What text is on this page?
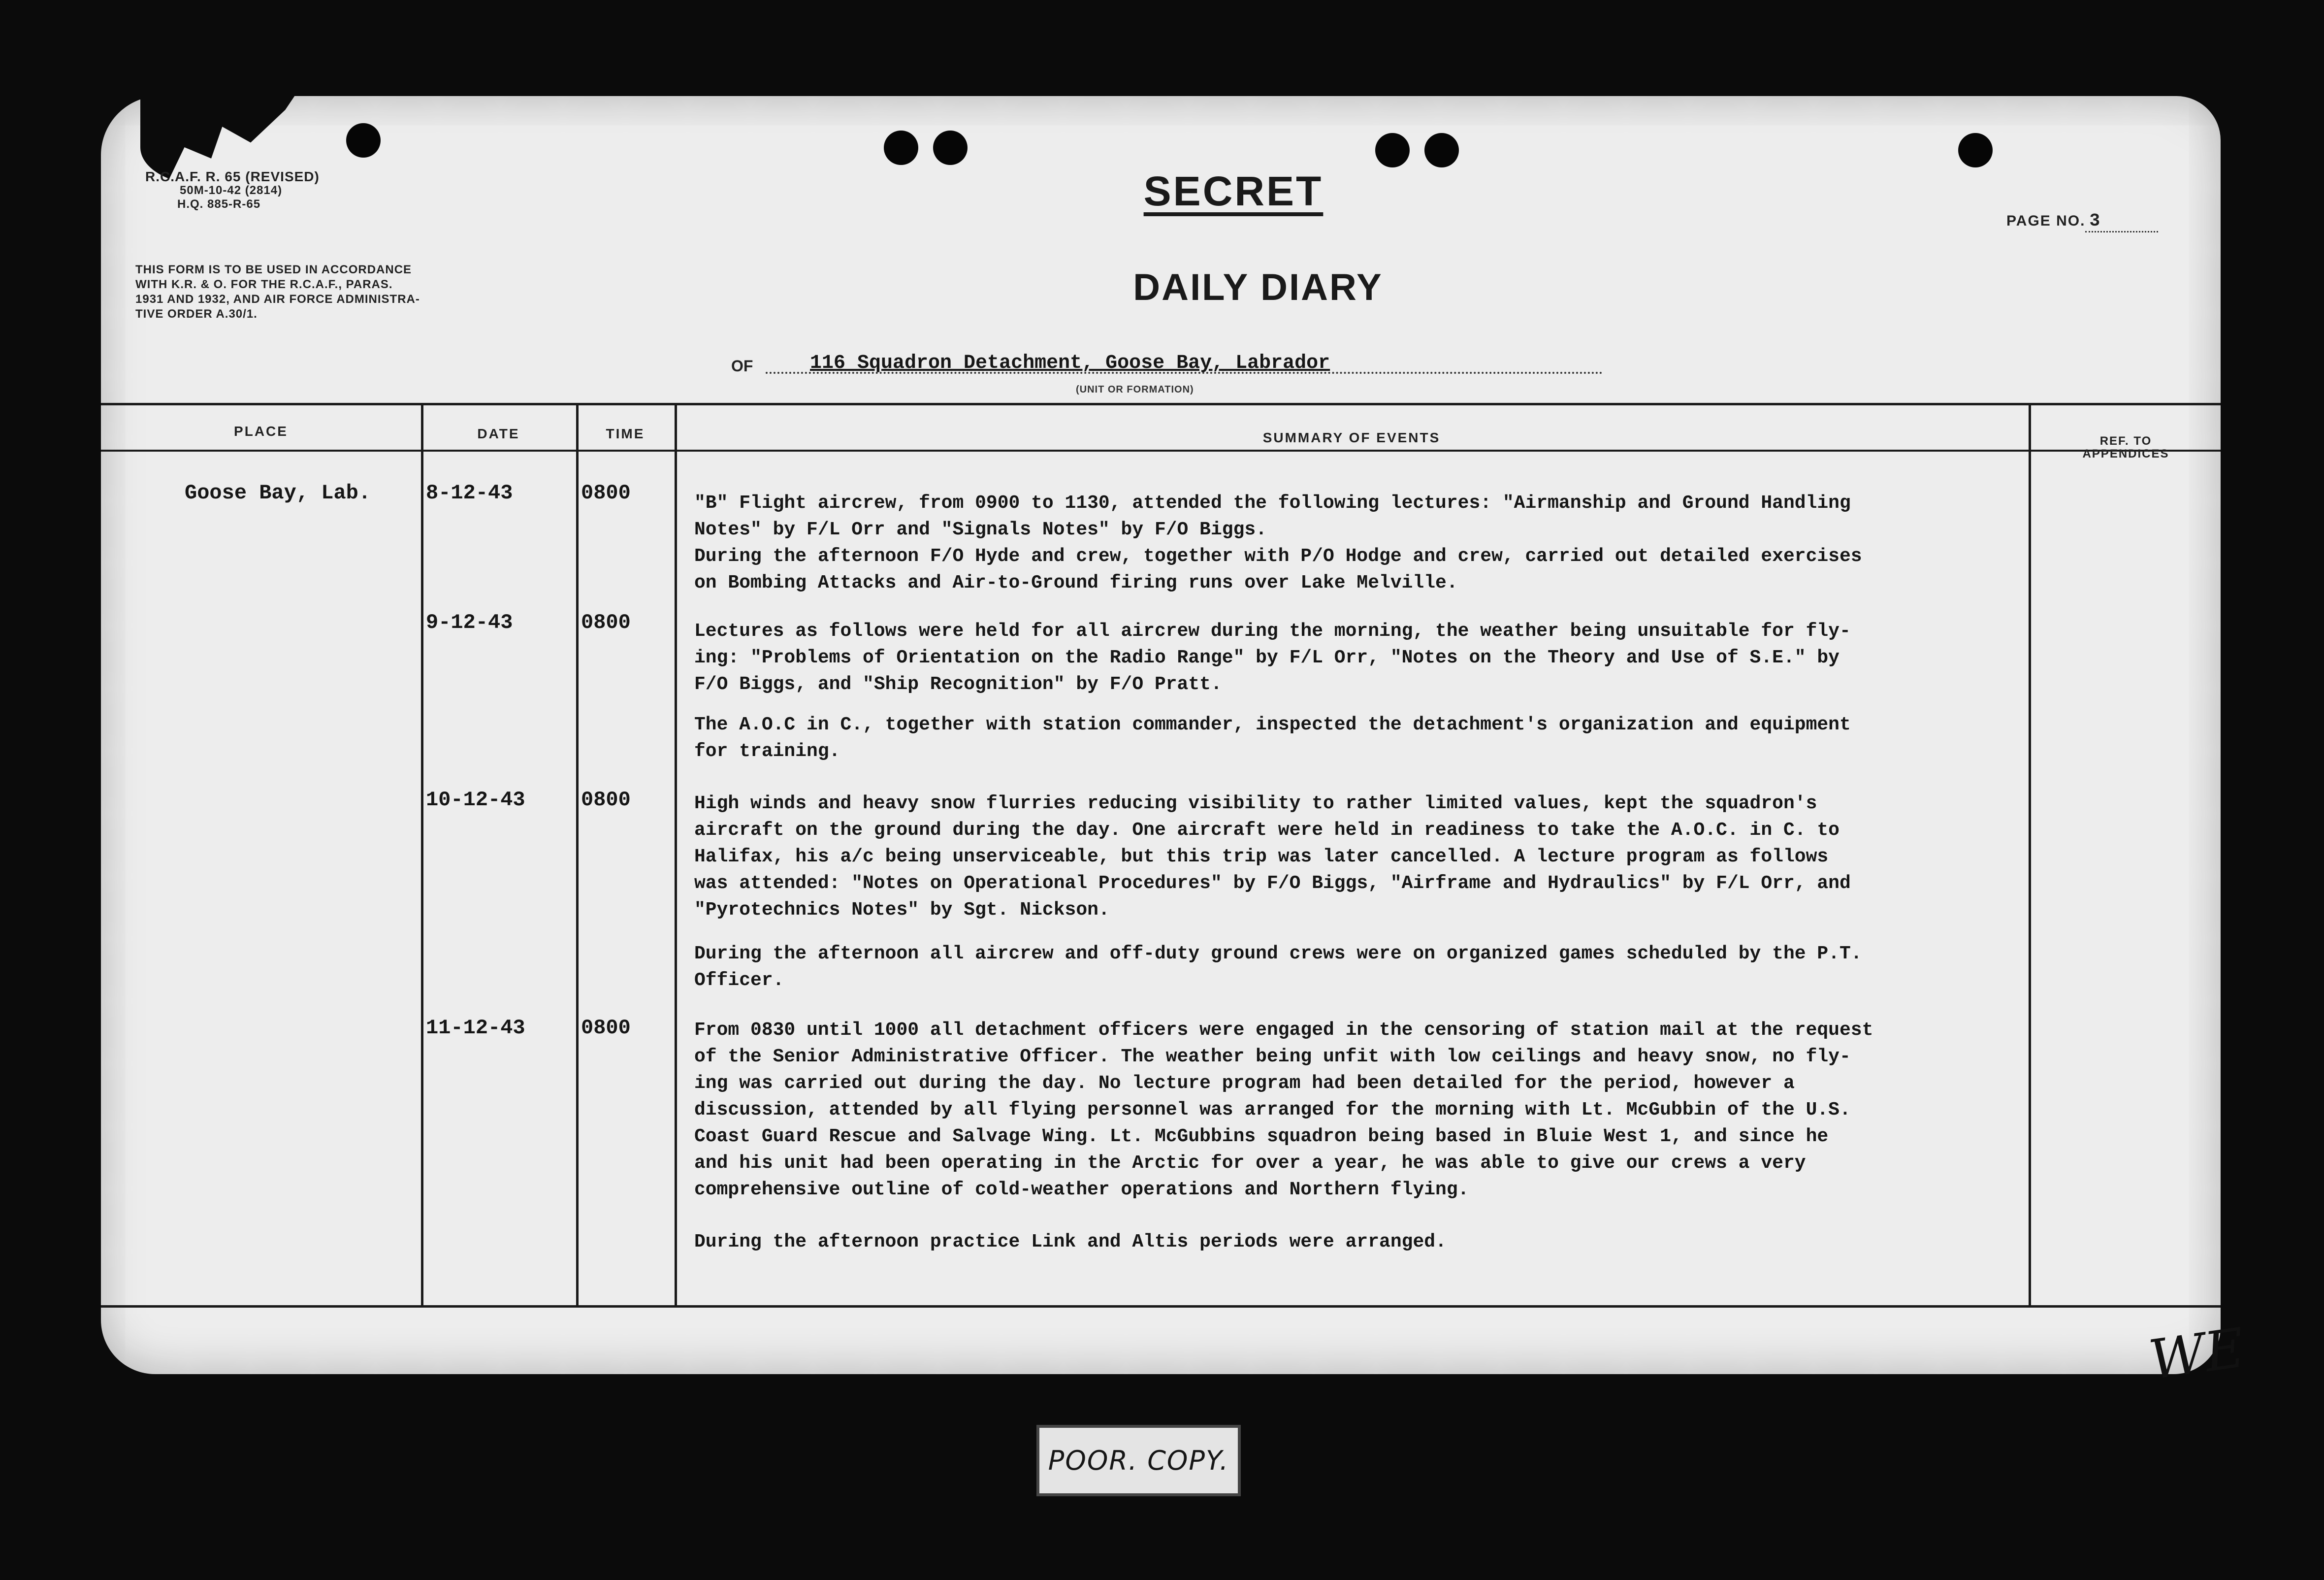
R.C.A.F. R. 65 (REVISED)
50M-10-42 (2814)
H.Q. 885-R-65	SECRET
PAGE NO. 3
THIS FORM IS TO BE USED IN ACCORDANCE
WITH K.R. & O. FOR THE R.C.A.F., PARAS.
1931 AND 1932, AND AIR FORCE ADMINISTRA-
TIVE ORDER A.30/1.
DAILY DIARY
OF	116 Squadron Detachment, Goose Bay, Labrador
(UNIT OR FORMATION)
PLACE	DATE	TIME	SUMMARY OF EVENTS	REF. TO
APPENDICES
Goose Bay, Lab.	8-12-43	0800	"B" Flight aircrew, from 0900 to 1130, attended the following lectures: "Airmanship and Ground Handling
Notes" by F/L Orr and "Signals Notes" by F/O Biggs.
During the afternoon F/O Hyde and crew, together with P/O Hodge and crew, carried out detailed exercises
on Bombing Attacks and Air-to-Ground firing runs over Lake Melville.
9-12-43	0800	Lectures as follows were held for all aircrew during the morning, the weather being unsuitable for fly-
ing: "Problems of Orientation on the Radio Range" by F/L Orr, "Notes on the Theory and Use of S.E." by
F/O Biggs, and "Ship Recognition" by F/O Pratt.
The A.O.C in C., together with station commander, inspected the detachment's organization and equipment
for training.
10-12-43	0800	High winds and heavy snow flurries reducing visibility to rather limited values, kept the squadron's
aircraft on the ground during the day. One aircraft were held in readiness to take the A.O.C. in C. to
Halifax, his a/c being unserviceable, but this trip was later cancelled. A lecture program as follows
was attended: "Notes on Operational Procedures" by F/O Biggs, "Airframe and Hydraulics" by F/L Orr, and
"Pyrotechnics Notes" by Sgt. Nickson.
During the afternoon all aircrew and off-duty ground crews were on organized games scheduled by the P.T.
Officer.
11-12-43	0800	From 0830 until 1000 all detachment officers were engaged in the censoring of station mail at the request
of the Senior Administrative Officer. The weather being unfit with low ceilings and heavy snow, no fly-
ing was carried out during the day. No lecture program had been detailed for the period, however a
discussion, attended by all flying personnel was arranged for the morning with Lt. McGubbin of the U.S.
Coast Guard Rescue and Salvage Wing. Lt. McGubbins squadron being based in Bluie West 1, and since he
and his unit had been operating in the Arctic for over a year, he was able to give our crews a very
comprehensive outline of cold-weather operations and Northern flying.
During the afternoon practice Link and Altis periods were arranged.
WE
POOR. COPY.
